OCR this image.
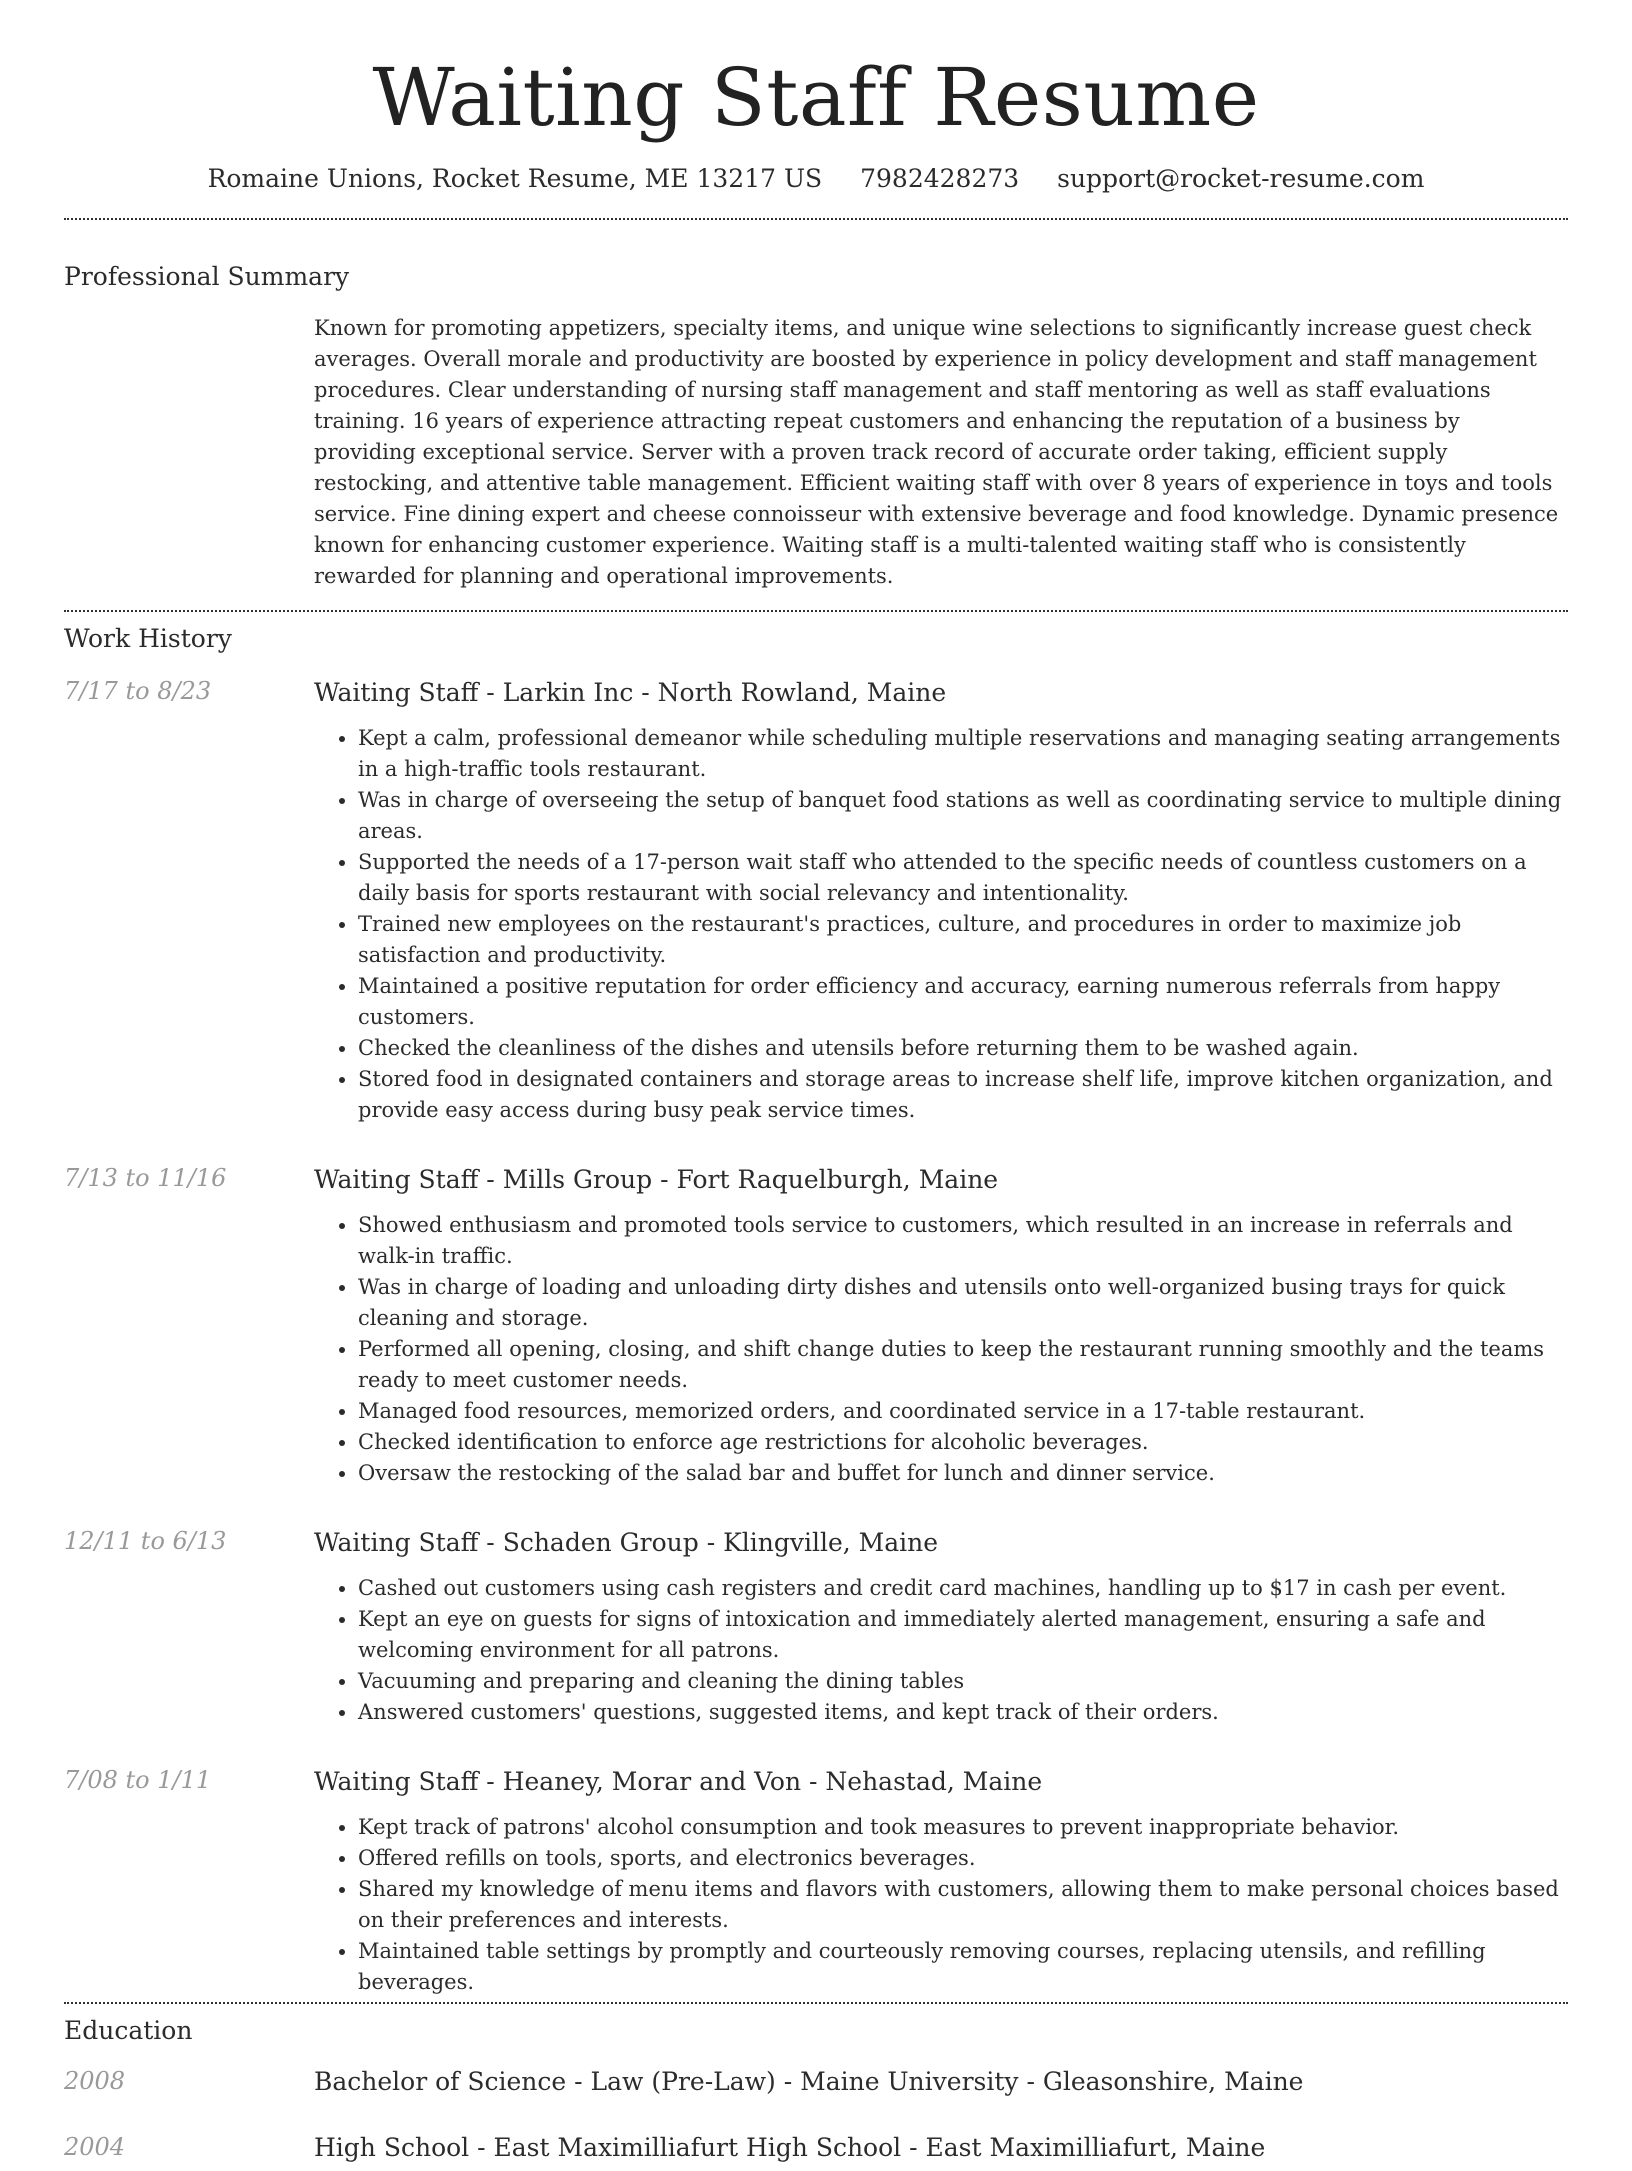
Waiting Staff Resume
Romaine Unions, Rocket Resume, ME 13217 US 7982428273 support@rocket-resume.com
Professional Summary
Known for promoting appetizers, specialty items, and unique wine selections to significantly increase guest check averages. Overall morale and productivity are boosted by experience in policy development and staff management procedures. Clear understanding of nursing staff management and staff mentoring as well as staff evaluations training. 16 years of experience attracting repeat customers and enhancing the reputation of a business by providing exceptional service. Server with a proven track record of accurate order taking, efficient supply restocking, and attentive table management. Efficient waiting staff with over 8 years of experience in toys and tools service. Fine dining expert and cheese connoisseur with extensive beverage and food knowledge. Dynamic presence known for enhancing customer experience. Waiting staff is a multi-talented waiting staff who is consistently rewarded for planning and operational improvements.
Work History
7/17 to 8/23	Waiting Staff - Larkin Inc - North Rowland, Maine
• Kept a calm, professional demeanor while scheduling multiple reservations and managing seating arrangements in a high-traffic tools restaurant.
• Was in charge of overseeing the setup of banquet food stations as well as coordinating service to multiple dining areas.
• Supported the needs of a 17-person wait staff who attended to the specific needs of countless customers on a daily basis for sports restaurant with social relevancy and intentionality.
• Trained new employees on the restaurant's practices, culture, and procedures in order to maximize job satisfaction and productivity.
• Maintained a positive reputation for order efficiency and accuracy, earning numerous referrals from happy customers.
• Checked the cleanliness of the dishes and utensils before returning them to be washed again.
• Stored food in designated containers and storage areas to increase shelf life, improve kitchen organization, and provide easy access during busy peak service times.
7/13 to 11/16	Waiting Staff - Mills Group - Fort Raquelburgh, Maine
• Showed enthusiasm and promoted tools service to customers, which resulted in an increase in referrals and walk-in traffic.
• Was in charge of loading and unloading dirty dishes and utensils onto well-organized busing trays for quick cleaning and storage.
• Performed all opening, closing, and shift change duties to keep the restaurant running smoothly and the teams ready to meet customer needs.
• Managed food resources, memorized orders, and coordinated service in a 17-table restaurant.
• Checked identification to enforce age restrictions for alcoholic beverages.
• Oversaw the restocking of the salad bar and buffet for lunch and dinner service.
12/11 to 6/13	Waiting Staff - Schaden Group - Klingville, Maine
• Cashed out customers using cash registers and credit card machines, handling up to $17 in cash per event.
• Kept an eye on guests for signs of intoxication and immediately alerted management, ensuring a safe and welcoming environment for all patrons.
• Vacuuming and preparing and cleaning the dining tables
• Answered customers' questions, suggested items, and kept track of their orders.
7/08 to 1/11	Waiting Staff - Heaney, Morar and Von - Nehastad, Maine
• Kept track of patrons' alcohol consumption and took measures to prevent inappropriate behavior.
• Offered refills on tools, sports, and electronics beverages.
• Shared my knowledge of menu items and flavors with customers, allowing them to make personal choices based on their preferences and interests.
• Maintained table settings by promptly and courteously removing courses, replacing utensils, and refilling beverages.
Education
2008	Bachelor of Science - Law (Pre-Law) - Maine University - Gleasonshire, Maine
2004	High School - East Maximilliafurt High School - East Maximilliafurt, Maine
